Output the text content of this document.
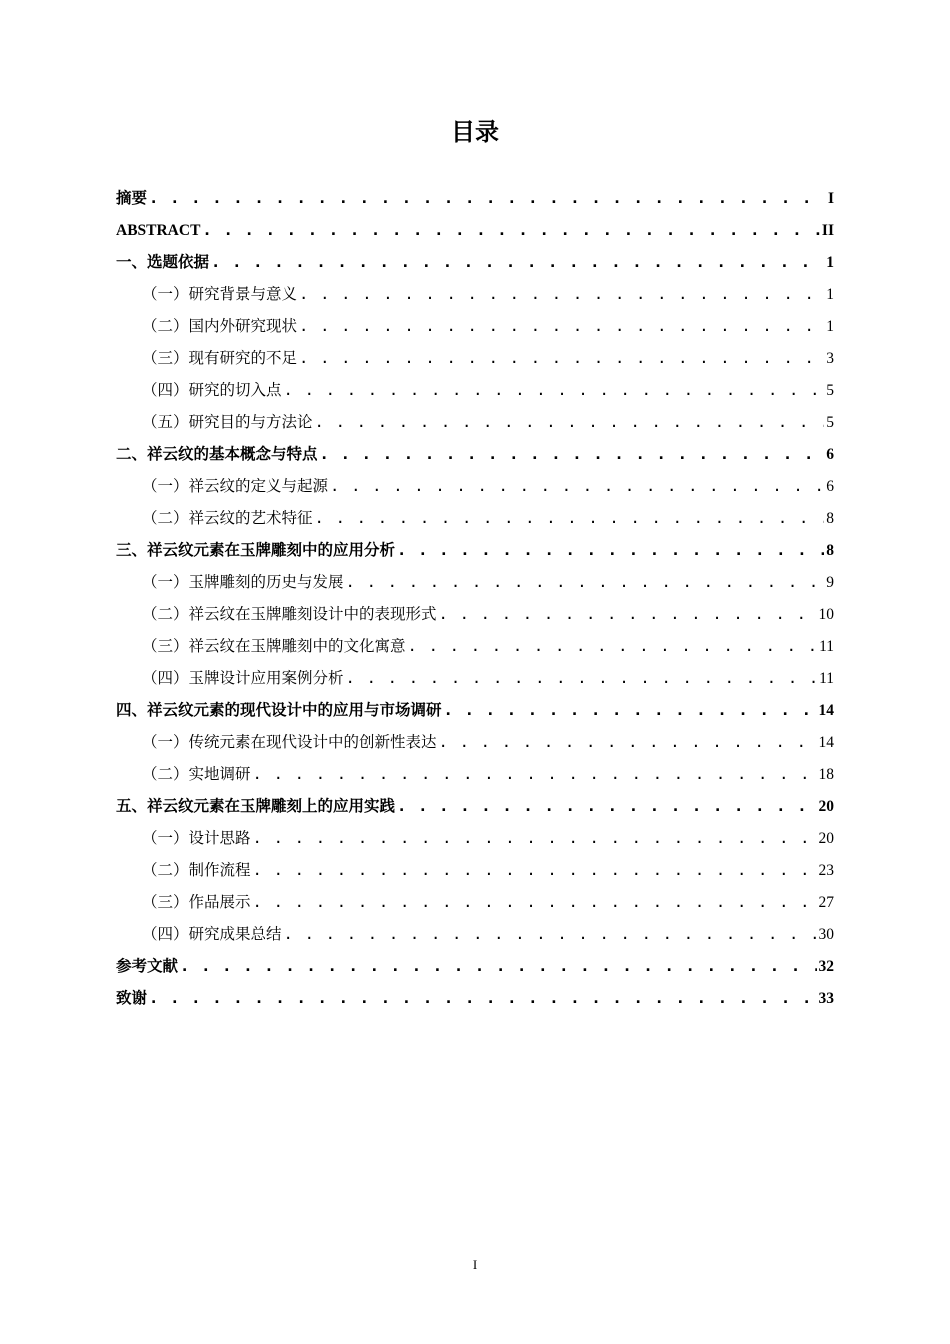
目录
摘要 . . .	I
ABSTRACT . . .	II
一、 选题依据 . . .	1
（一） 研究背景与意义 . . .	1
（二） 国内外研究现状 . . .	1
（三） 现有研究的不足 . . .	3
（四） 研究的切入点 . . .	5
（五） 研究目的与方法论 . . .	5
二、 祥云纹的基本概念与特点 . . .	6
（一） 祥云纹的定义与起源 . . .	6
（二） 祥云纹的艺术特征 . . .	8
三、 祥云纹元素在玉牌雕刻中的应用分析 . . .	8
（一） 玉牌雕刻的历史与发展 . . .	9
（二） 祥云纹在玉牌雕刻设计中的表现形式 . . .	10
（三） 祥云纹在玉牌雕刻中的文化寓意 . . .	11
（四） 玉牌设计应用案例分析 . . .	11
四、 祥云纹元素的现代设计中的应用与市场调研 . . .	14
（一） 传统元素在现代设计中的创新性表达 . . .	14
（二） 实地调研 . . .	18
五、 祥云纹元素在玉牌雕刻上的应用实践 . . .	20
（一） 设计思路 . . .	20
（二） 制作流程 . . .	23
（三） 作品展示 . . .	27
（四） 研究成果总结 . . .	30
参考文献 . . .	32
致谢 . . .	33
I
